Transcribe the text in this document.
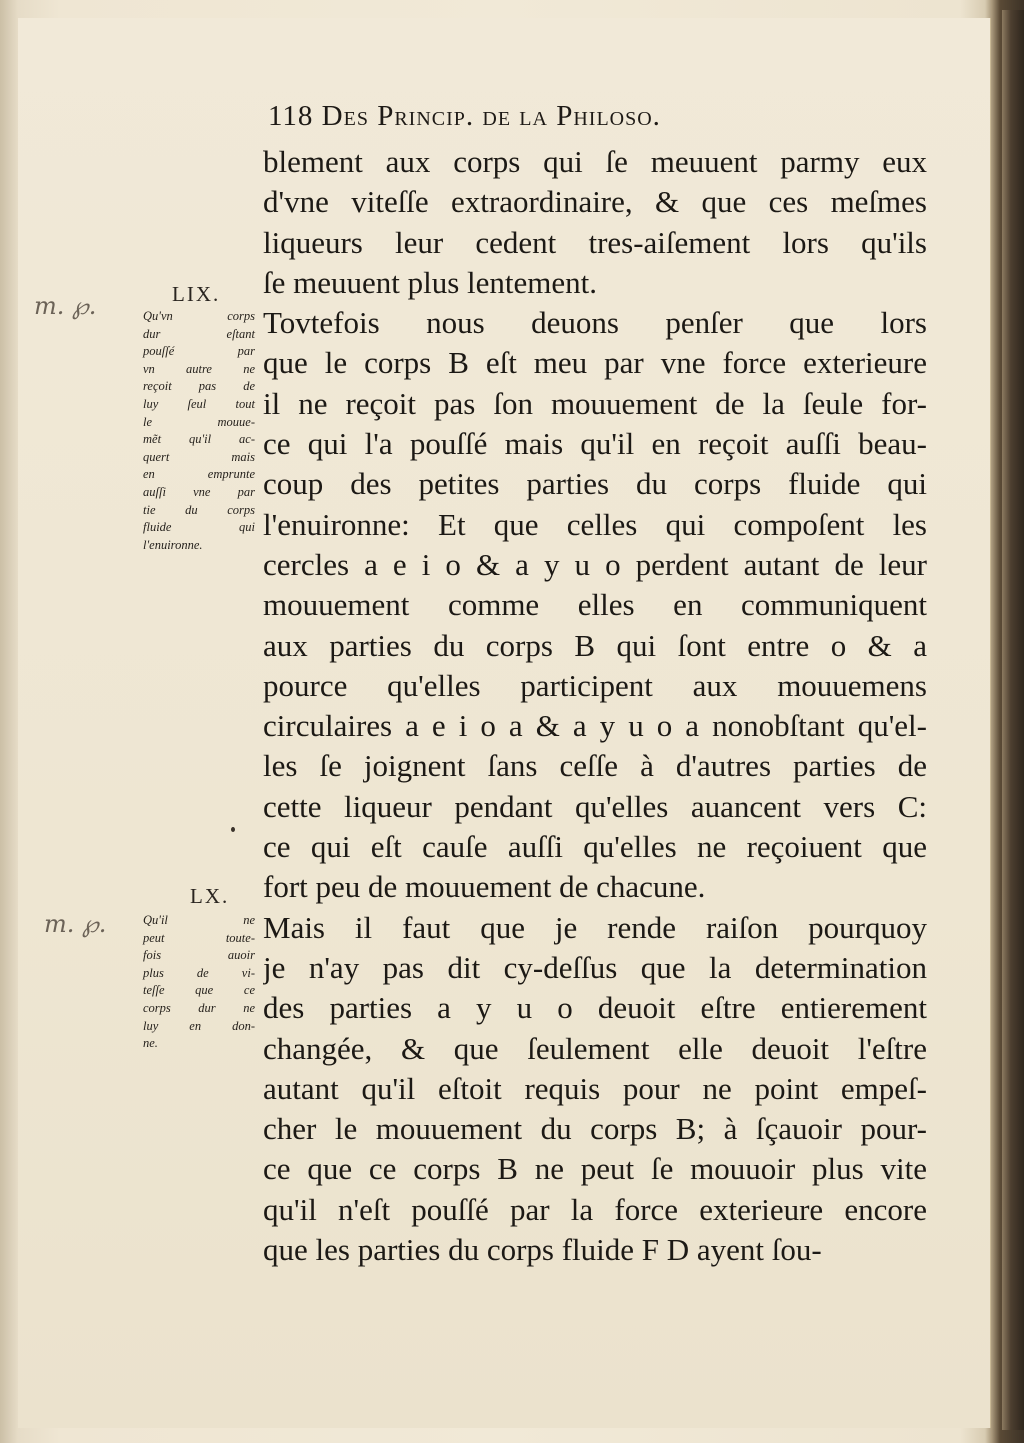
118 Des Princip. de la Philoso.
m. ℘.
m. ℘.
LIX.
Qu'vn corps
dur eſtant
pouſſé par
vn autre ne
reçoit pas de
luy ſeul tout
le mouue-
mẽt qu'il ac-
quert mais
en emprunte
auſſi vne par
tie du corps
fluide qui
l'enuironne.
LX.
Qu'il ne
peut toute-
fois auoir
plus de vi-
teſſe que ce
corps dur ne
luy en don-
ne.
blement aux corps qui ſe meuuent parmy eux
d'vne viteſſe extraordinaire, & que ces meſmes
liqueurs leur cedent tres-aiſement lors qu'ils
ſe meuuent plus lentement.
Tovtefois nous deuons penſer que lors
que le corps B eſt meu par vne force exterieure
il ne reçoit pas ſon mouuement de la ſeule for-
ce qui l'a pouſſé mais qu'il en reçoit auſſi beau-
coup des petites parties du corps fluide qui
l'enuironne: Et que celles qui compoſent les
cercles a e i o & a y u o perdent autant de leur
mouuement comme elles en communiquent
aux parties du corps B qui ſont entre o & a
pource qu'elles participent aux mouuemens
circulaires a e i o a & a y u o a nonobſtant qu'el-
les ſe joignent ſans ceſſe à d'autres parties de
cette liqueur pendant qu'elles auancent vers C:
ce qui eſt cauſe auſſi qu'elles ne reçoiuent que
fort peu de mouuement de chacune.
Mais il faut que je rende raiſon pourquoy
je n'ay pas dit cy-deſſus que la determination
des parties a y u o deuoit eſtre entierement
changée, & que ſeulement elle deuoit l'eſtre
autant qu'il eſtoit requis pour ne point empeſ-
cher le mouuement du corps B; à ſçauoir pour-
ce que ce corps B ne peut ſe mouuoir plus vite
qu'il n'eſt pouſſé par la force exterieure encore
que les parties du corps fluide F D ayent ſou-
